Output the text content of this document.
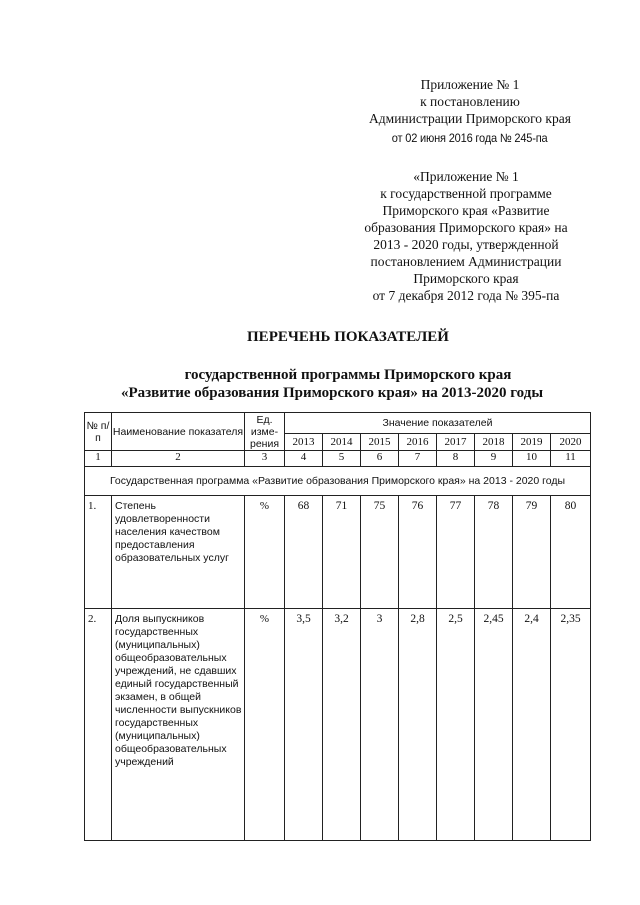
Приложение № 1
к постановлению
Администрации Приморского края
от 02 июня 2016 года № 245-па
«Приложение № 1
к государственной программе
Приморского края «Развитие
образования Приморского края» на
2013 - 2020 годы, утвержденной
постановлением Администрации
Приморского края
от 7 декабря 2012 года № 395-па
ПЕРЕЧЕНЬ ПОКАЗАТЕЛЕЙ
государственной программы Приморского края
«Развитие образования Приморского края» на 2013-2020 годы
№ п/п	Наименование показателя	Ед. изме-рения	Значение показателей							
			2013	2014	2015	2016	2017	2018	2019	2020
1	2	3	4	5	6	7	8	9	10	11
Государственная программа «Развитие образования Приморского края» на 2013 - 2020 годы										
1.	Степень удовлетворенности населения качеством предоставления образовательных услуг	%	68	71	75	76	77	78	79	80
2.	Доля выпускников государственных (муниципальных) общеобразовательных учреждений, не сдавших единый государственный экзамен, в общей численности выпускников государственных (муниципальных) общеобразовательных учреждений	%	3,5	3,2	3	2,8	2,5	2,45	2,4	2,35
